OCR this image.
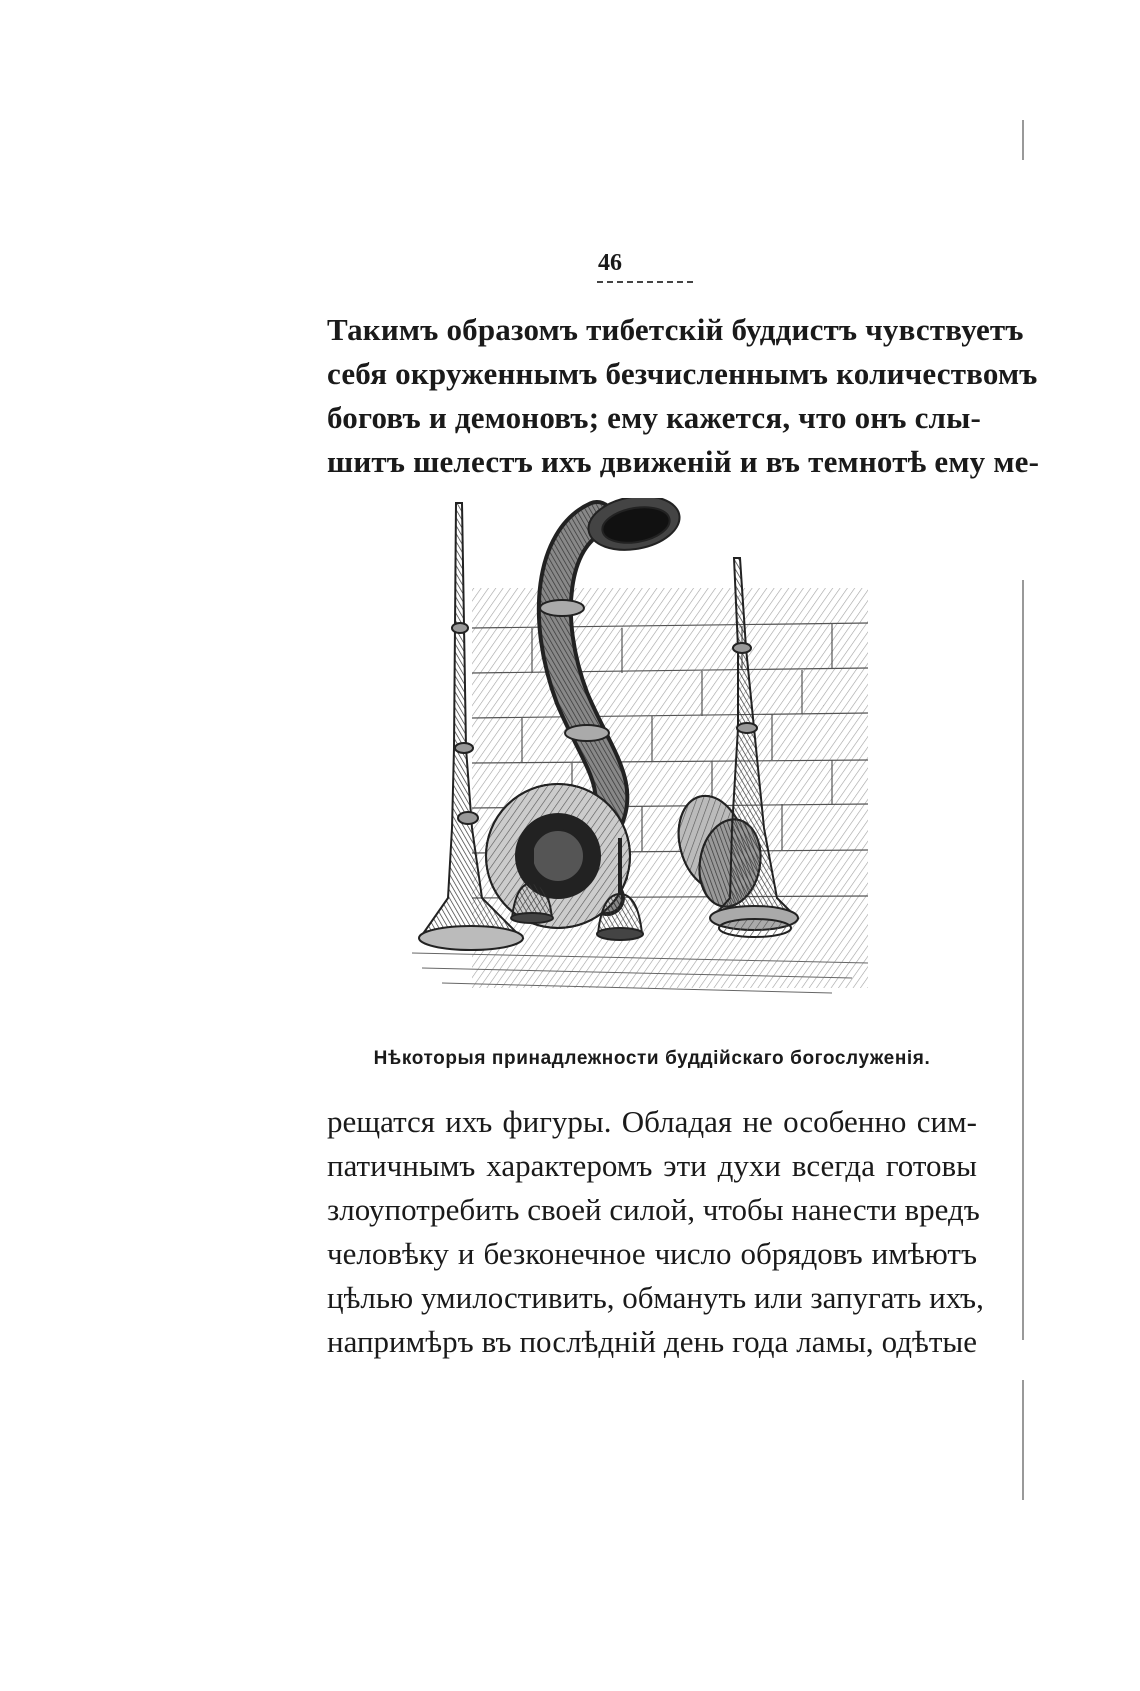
46

Такимъ образомъ тибетскій буддистъ чувствуетъ
себя окруженнымъ безчисленнымъ количествомъ
боговъ и демоновъ; ему кажется, что онъ слы-
шитъ шелестъ ихъ движеній и въ темнотѣ ему ме-

Нѣкоторыя принадлежности буддійскаго богослуженія.

рещатся ихъ фигуры. Обладая не особенно сим-
патичнымъ характеромъ эти духи всегда готовы
злоупотребить своей силой, чтобы нанести вредъ
человѣку и безконечное число обрядовъ имѣютъ
цѣлью умилостивить, обмануть или запугать ихъ,
напримѣръ въ послѣдній день года ламы, одѣтые
